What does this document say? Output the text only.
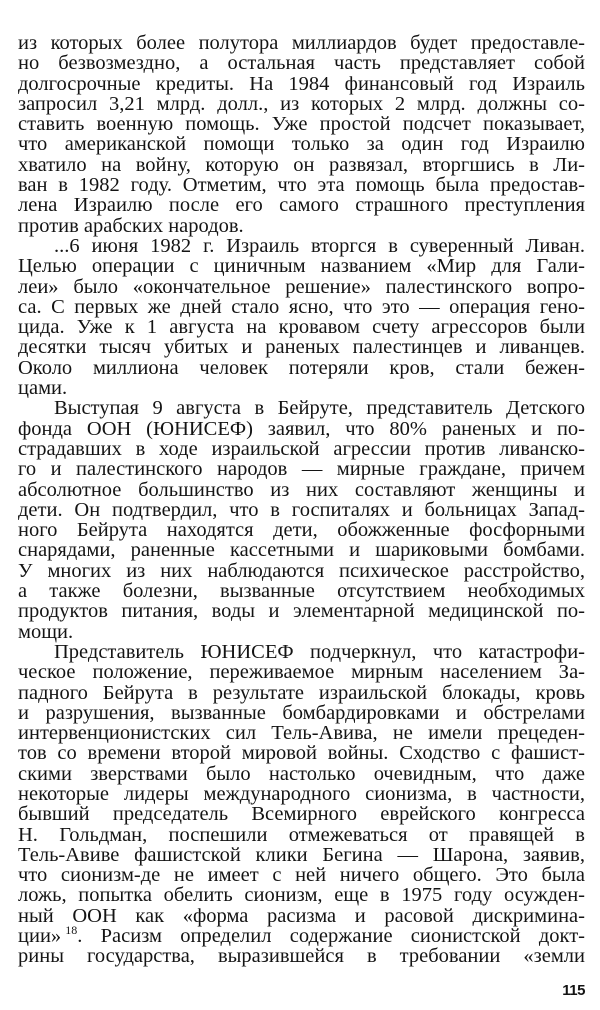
из которых более полутора миллиардов будет предоставле-
но безвозмездно, а остальная часть представляет собой
долгосрочные кредиты. На 1984 финансовый год Израиль
запросил 3,21 млрд. долл., из которых 2 млрд. должны со-
ставить военную помощь. Уже простой подсчет показывает,
что американской помощи только за один год Израилю
хватило на войну, которую он развязал, вторгшись в Ли-
ван в 1982 году. Отметим, что эта помощь была предостав-
лена Израилю после его самого страшного преступления
против арабских народов.
...6 июня 1982 г. Израиль вторгся в суверенный Ливан.
Целью операции с циничным названием «Мир для Гали-
леи» было «окончательное решение» палестинского вопро-
са. С первых же дней стало ясно, что это — операция гено-
цида. Уже к 1 августа на кровавом счету агрессоров были
десятки тысяч убитых и раненых палестинцев и ливанцев.
Около миллиона человек потеряли кров, стали бежен-
цами.
Выступая 9 августа в Бейруте, представитель Детского
фонда ООН (ЮНИСЕФ) заявил, что 80% раненых и по-
страдавших в ходе израильской агрессии против ливанско-
го и палестинского народов — мирные граждане, причем
абсолютное большинство из них составляют женщины и
дети. Он подтвердил, что в госпиталях и больницах Запад-
ного Бейрута находятся дети, обожженные фосфорными
снарядами, раненные кассетными и шариковыми бомбами.
У многих из них наблюдаются психическое расстройство,
а также болезни, вызванные отсутствием необходимых
продуктов питания, воды и элементарной медицинской по-
мощи.
Представитель ЮНИСЕФ подчеркнул, что катастрофи-
ческое положение, переживаемое мирным населением За-
падного Бейрута в результате израильской блокады, кровь
и разрушения, вызванные бомбардировками и обстрелами
интервенционистских сил Тель-Авива, не имели прецеден-
тов со времени второй мировой войны. Сходство с фашист-
скими зверствами было настолько очевидным, что даже
некоторые лидеры международного сионизма, в частности,
бывший председатель Всемирного еврейского конгресса
Н. Гольдман, поспешили отмежеваться от правящей в
Тель-Авиве фашистской клики Бегина — Шарона, заявив,
что сионизм-де не имеет с ней ничего общего. Это была
ложь, попытка обелить сионизм, еще в 1975 году осужден-
ный ООН как «форма расизма и расовой дискримина-
ции»  $^{18}$. Расизм определил содержание сионистской докт-
рины государства, выразившейся в требовании «земли
115
